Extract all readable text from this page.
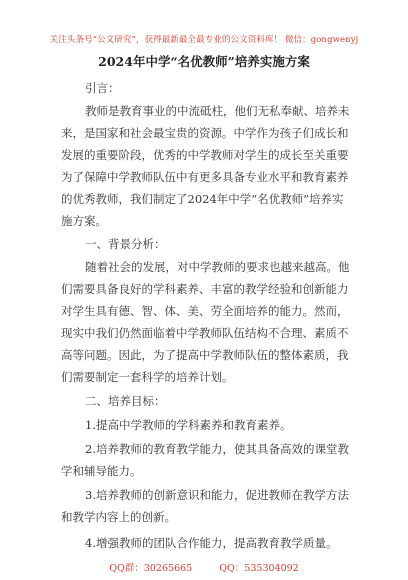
关注头条号“公文研究”，获得最新最全最专业的公文资料库！ 微信：gongwenyj
2024年中学“名优教师”培养实施方案
引言：
教师是教育事业的中流砥柱，他们无私奉献、培养未
来，是国家和社会最宝贵的资源。中学作为孩子们成长和
发展的重要阶段，优秀的中学教师对学生的成长至关重要
为了保障中学教师队伍中有更多具备专业水平和教育素养
的优秀教师，我们制定了2024年中学“名优教师”培养实
施方案。
一、背景分析：
随着社会的发展，对中学教师的要求也越来越高。他
们需要具备良好的学科素养、丰富的教学经验和创新能力
对学生具有德、智、体、美、劳全面培养的能力。然而，
现实中我们仍然面临着中学教师队伍结构不合理、素质不
高等问题。因此，为了提高中学教师队伍的整体素质，我
们需要制定一套科学的培养计划。
二、培养目标：
1.提高中学教师的学科素养和教育素养。
2.培养教师的教育教学能力，使其具备高效的课堂教
学和辅导能力。
3.培养教师的创新意识和能力，促进教师在教学方法
和教学内容上的创新。
QQ群：30265665	QQ：535304092
4.增强教师的团队合作能力，提高教育教学质量。
